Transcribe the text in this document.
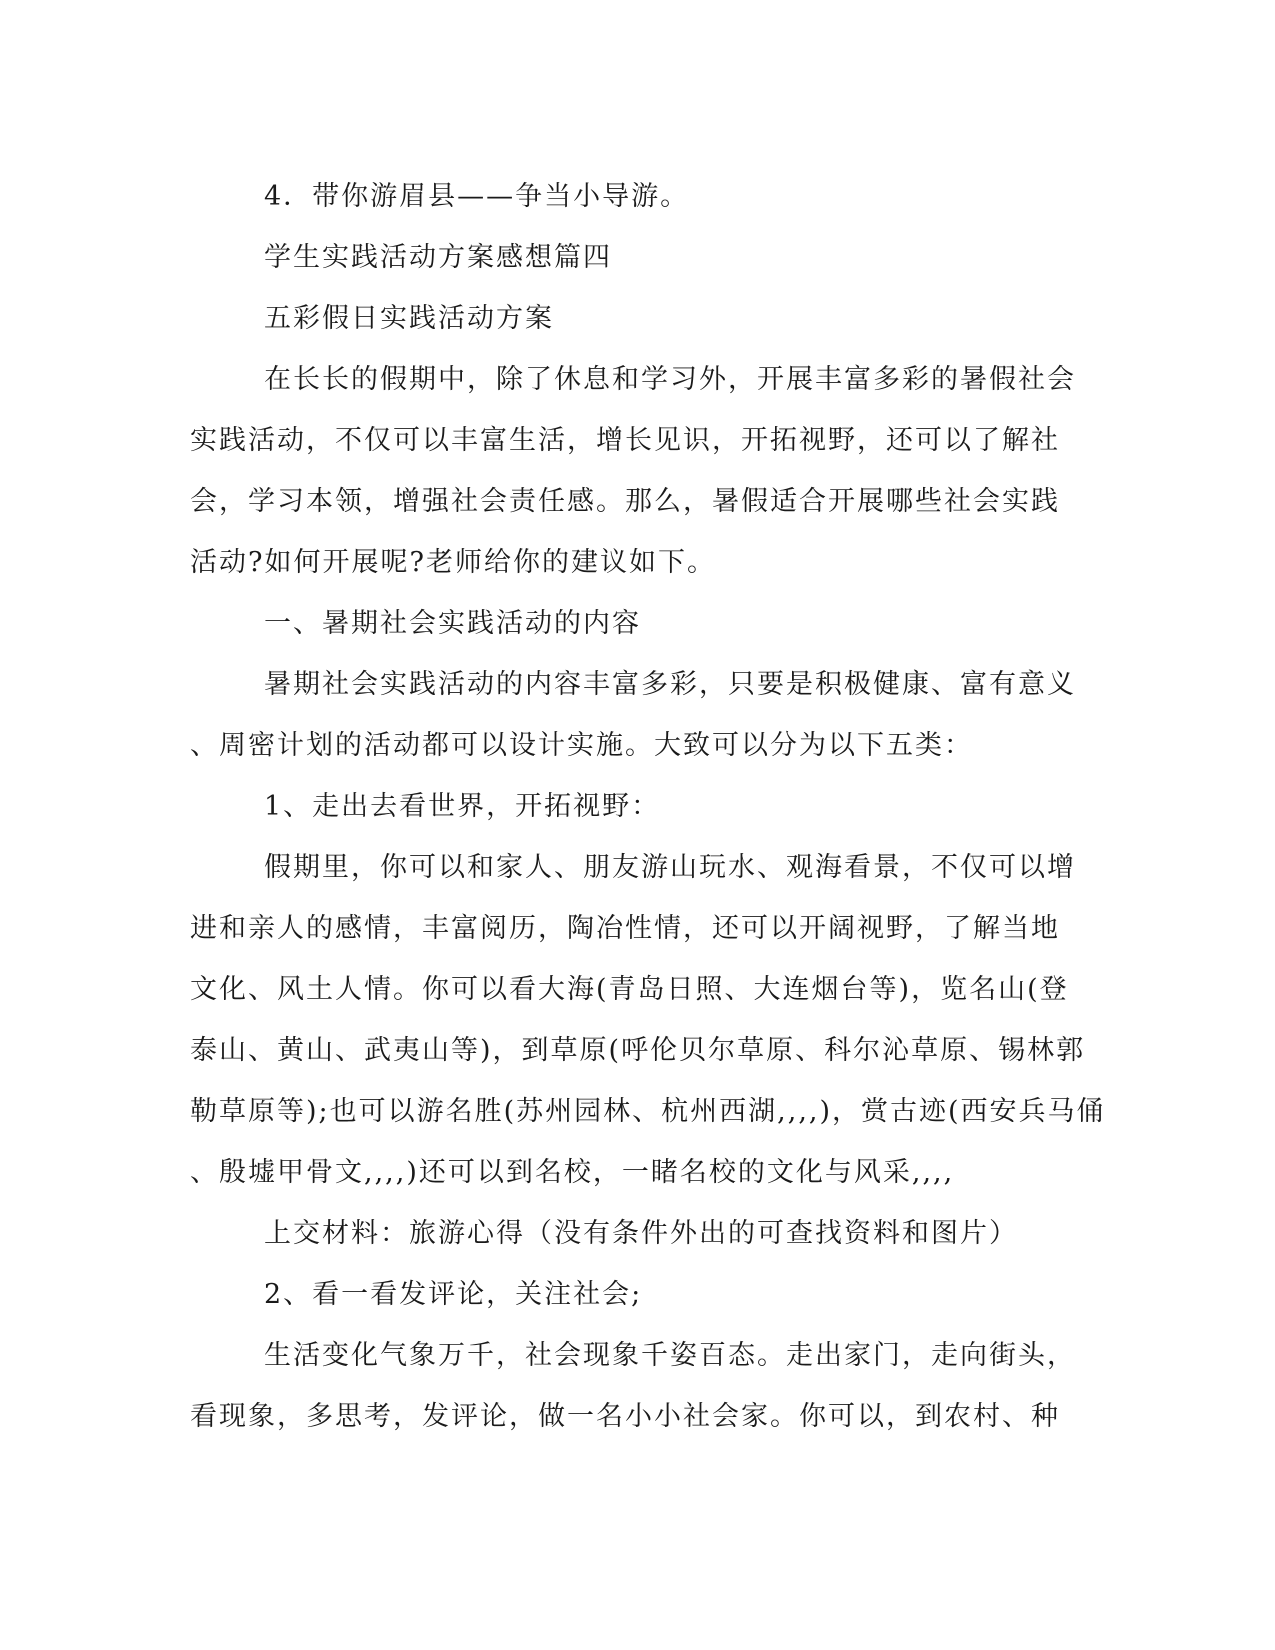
4．带你游眉县——争当小导游。
学生实践活动方案感想篇四
五彩假日实践活动方案
在长长的假期中，除了休息和学习外，开展丰富多彩的暑假社会
实践活动，不仅可以丰富生活，增长见识，开拓视野，还可以了解社
会，学习本领，增强社会责任感。那么，暑假适合开展哪些社会实践
活动?如何开展呢?老师给你的建议如下。
一、暑期社会实践活动的内容
暑期社会实践活动的内容丰富多彩，只要是积极健康、富有意义
、周密计划的活动都可以设计实施。大致可以分为以下五类：
1、走出去看世界，开拓视野：
假期里，你可以和家人、朋友游山玩水、观海看景，不仅可以增
进和亲人的感情，丰富阅历，陶冶性情，还可以开阔视野，了解当地
文化、风土人情。你可以看大海(青岛日照、大连烟台等)，览名山(登
泰山、黄山、武夷山等)，到草原(呼伦贝尔草原、科尔沁草原、锡林郭
勒草原等);也可以游名胜(苏州园林、杭州西湖,,,,)，赏古迹(西安兵马俑
、殷墟甲骨文,,,,)还可以到名校，一睹名校的文化与风采,,,,
上交材料：旅游心得（没有条件外出的可查找资料和图片）
2、看一看发评论，关注社会;
生活变化气象万千，社会现象千姿百态。走出家门，走向街头，
看现象，多思考，发评论，做一名小小社会家。你可以，到农村、种
